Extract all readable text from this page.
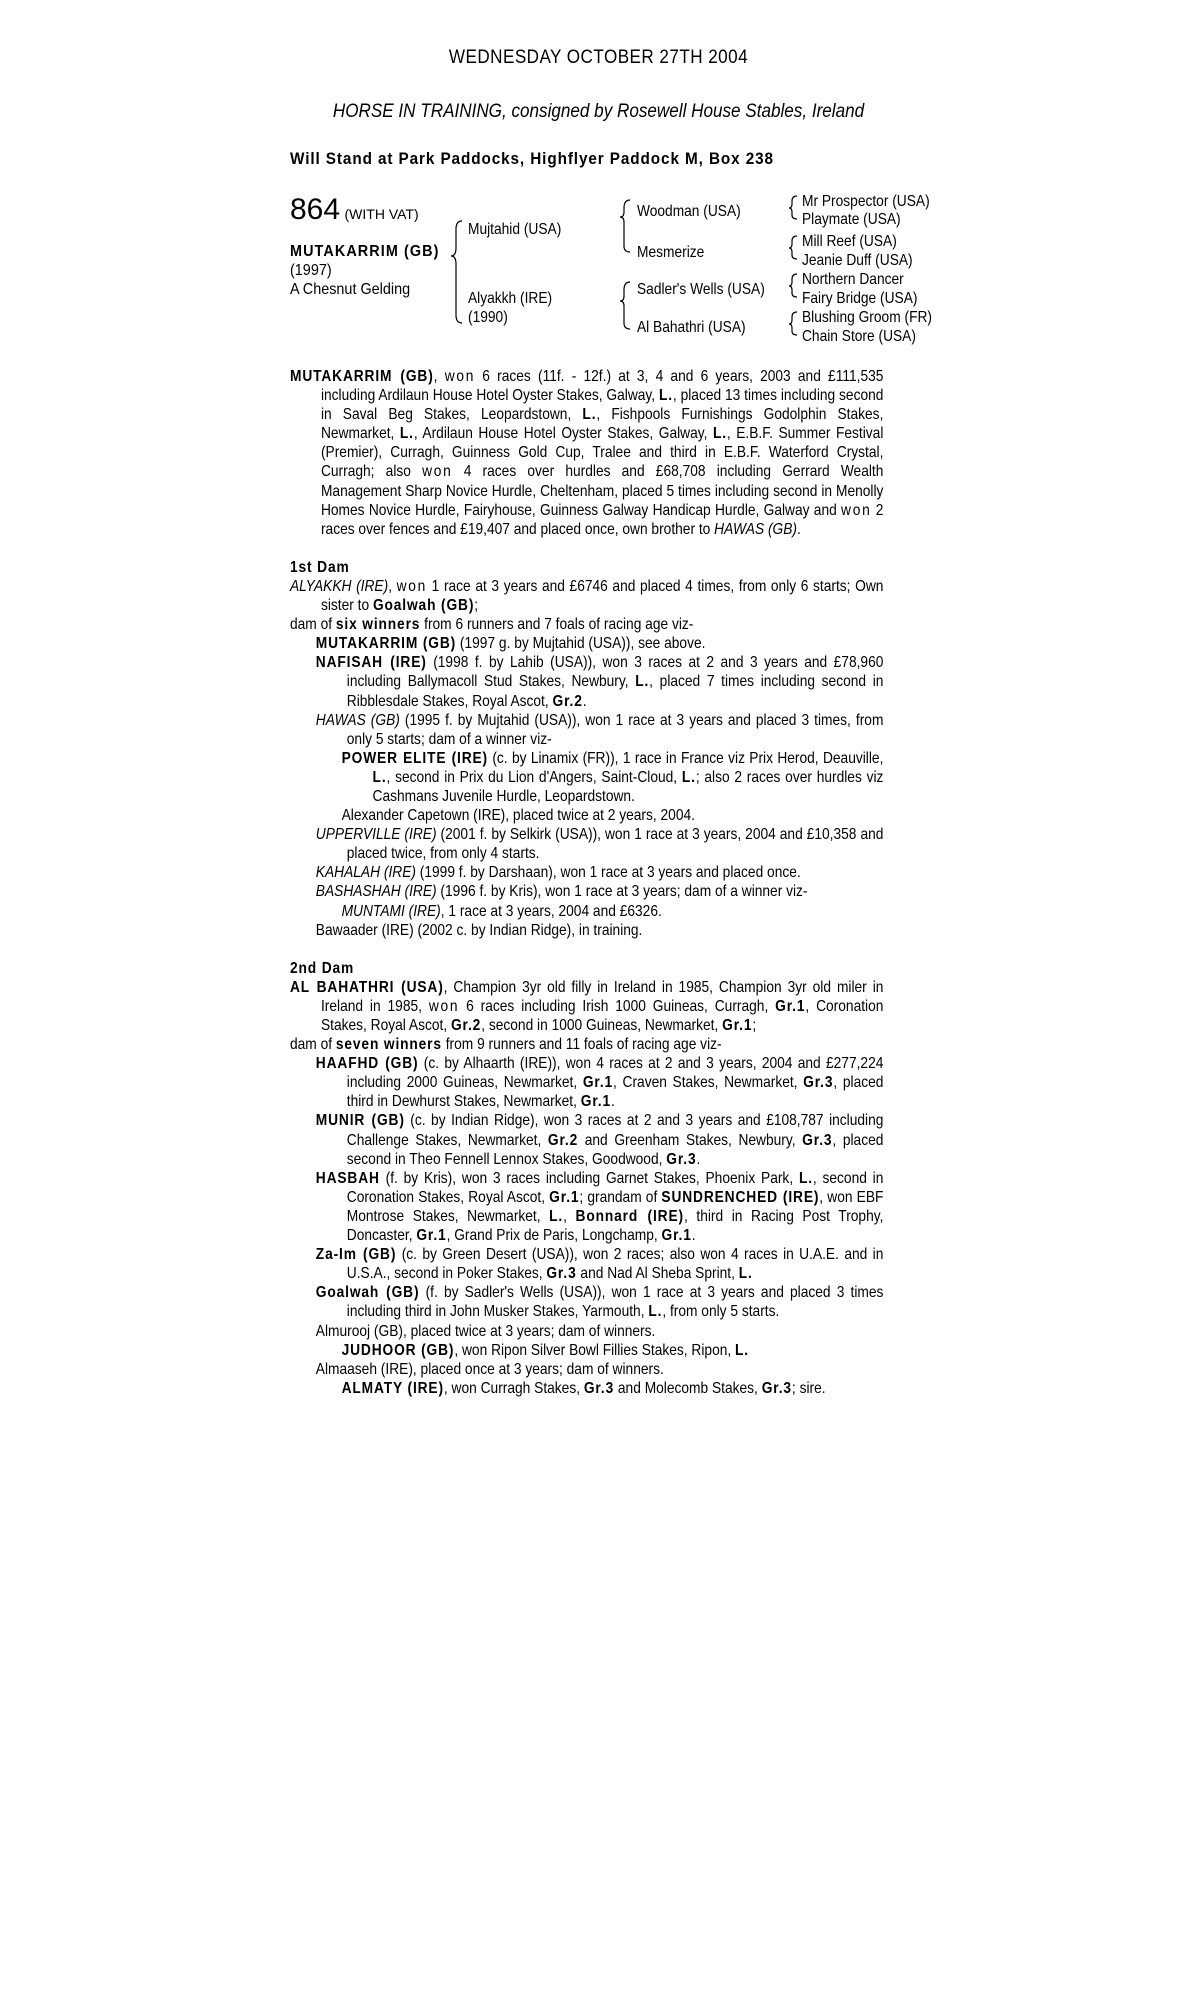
WEDNESDAY OCTOBER 27TH 2004
HORSE IN TRAINING, consigned by Rosewell House Stables, Ireland
Will Stand at Park Paddocks, Highflyer Paddock M, Box 238
864 (WITH VAT)
MUTAKARRIM (GB)
(1997)
A Chesnut Gelding
Mujtahid (USA)
Alyakkh (IRE)
(1990)
Woodman (USA)
Mesmerize
Sadler's Wells (USA)
Al Bahathri (USA)
Mr Prospector (USA)
Playmate (USA)
Mill Reef (USA)
Jeanie Duff (USA)
Northern Dancer
Fairy Bridge (USA)
Blushing Groom (FR)
Chain Store (USA)

MUTAKARRIM (GB), won 6 races (11f. - 12f.) at 3, 4 and 6 years, 2003 and £111,535 including Ardilaun House Hotel Oyster Stakes, Galway, L., placed 13 times including second in Saval Beg Stakes, Leopardstown, L., Fishpools Furnishings Godolphin Stakes, Newmarket, L., Ardilaun House Hotel Oyster Stakes, Galway, L., E.B.F. Summer Festival (Premier), Curragh, Guinness Gold Cup, Tralee and third in E.B.F. Waterford Crystal, Curragh; also won 4 races over hurdles and £68,708 including Gerrard Wealth Management Sharp Novice Hurdle, Cheltenham, placed 5 times including second in Menolly Homes Novice Hurdle, Fairyhouse, Guinness Galway Handicap Hurdle, Galway and won 2 races over fences and £19,407 and placed once, own brother to HAWAS (GB).

1st Dam

ALYAKKH (IRE), won 1 race at 3 years and £6746 and placed 4 times, from only 6 starts; Own sister to Goalwah (GB);

dam of six winners from 6 runners and 7 foals of racing age viz-

MUTAKARRIM (GB) (1997 g. by Mujtahid (USA)), see above.

NAFISAH (IRE) (1998 f. by Lahib (USA)), won 3 races at 2 and 3 years and £78,960 including Ballymacoll Stud Stakes, Newbury, L., placed 7 times including second in Ribblesdale Stakes, Royal Ascot, Gr.2.

HAWAS (GB) (1995 f. by Mujtahid (USA)), won 1 race at 3 years and placed 3 times, from only 5 starts; dam of a winner viz-

POWER ELITE (IRE) (c. by Linamix (FR)), 1 race in France viz Prix Herod, Deauville, L., second in Prix du Lion d'Angers, Saint-Cloud, L.; also 2 races over hurdles viz Cashmans Juvenile Hurdle, Leopardstown.

Alexander Capetown (IRE), placed twice at 2 years, 2004.

UPPERVILLE (IRE) (2001 f. by Selkirk (USA)), won 1 race at 3 years, 2004 and £10,358 and placed twice, from only 4 starts.

KAHALAH (IRE) (1999 f. by Darshaan), won 1 race at 3 years and placed once.

BASHASHAH (IRE) (1996 f. by Kris), won 1 race at 3 years; dam of a winner viz-

MUNTAMI (IRE), 1 race at 3 years, 2004 and £6326.

Bawaader (IRE) (2002 c. by Indian Ridge), in training.

2nd Dam

AL BAHATHRI (USA), Champion 3yr old filly in Ireland in 1985, Champion 3yr old miler in Ireland in 1985, won 6 races including Irish 1000 Guineas, Curragh, Gr.1, Coronation Stakes, Royal Ascot, Gr.2, second in 1000 Guineas, Newmarket, Gr.1;

dam of seven winners from 9 runners and 11 foals of racing age viz-

HAAFHD (GB) (c. by Alhaarth (IRE)), won 4 races at 2 and 3 years, 2004 and £277,224 including 2000 Guineas, Newmarket, Gr.1, Craven Stakes, Newmarket, Gr.3, placed third in Dewhurst Stakes, Newmarket, Gr.1.

MUNIR (GB) (c. by Indian Ridge), won 3 races at 2 and 3 years and £108,787 including Challenge Stakes, Newmarket, Gr.2 and Greenham Stakes, Newbury, Gr.3, placed second in Theo Fennell Lennox Stakes, Goodwood, Gr.3.

HASBAH (f. by Kris), won 3 races including Garnet Stakes, Phoenix Park, L., second in Coronation Stakes, Royal Ascot, Gr.1; grandam of SUNDRENCHED (IRE), won EBF Montrose Stakes, Newmarket, L., Bonnard (IRE), third in Racing Post Trophy, Doncaster, Gr.1, Grand Prix de Paris, Longchamp, Gr.1.

Za-Im (GB) (c. by Green Desert (USA)), won 2 races; also won 4 races in U.A.E. and in U.S.A., second in Poker Stakes, Gr.3 and Nad Al Sheba Sprint, L.

Goalwah (GB) (f. by Sadler's Wells (USA)), won 1 race at 3 years and placed 3 times including third in John Musker Stakes, Yarmouth, L., from only 5 starts.

Almurooj (GB), placed twice at 3 years; dam of winners.

JUDHOOR (GB), won Ripon Silver Bowl Fillies Stakes, Ripon, L.

Almaaseh (IRE), placed once at 3 years; dam of winners.

ALMATY (IRE), won Curragh Stakes, Gr.3 and Molecomb Stakes, Gr.3; sire.
